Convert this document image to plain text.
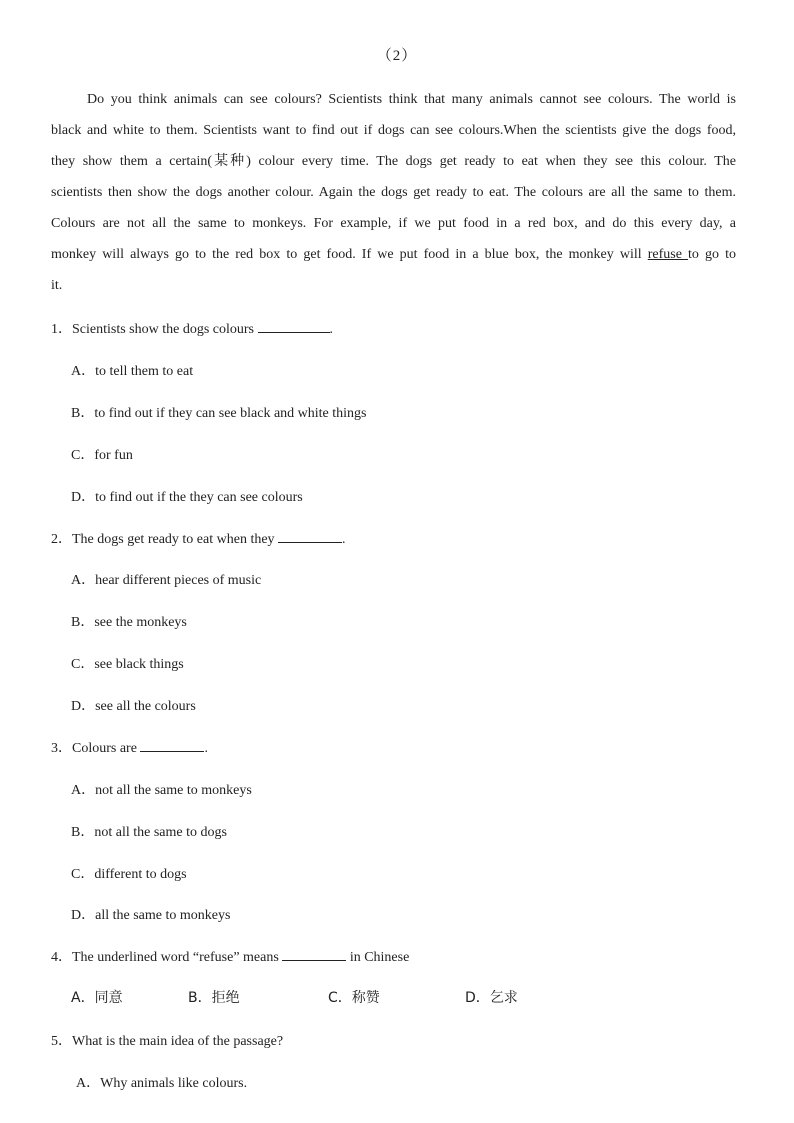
（2）

Do you think animals can see colours? Scientists think that many animals cannot see colours. The world is black and white to them. Scientists want to find out if dogs can see colours.When the scientists give the dogs food, they show them a certain(某种) colour every time. The dogs get ready to eat when they see this colour. The scientists then show the dogs another colour. Again the dogs get ready to eat. The colours are all the same to them. Colours are not all the same to monkeys. For example, if we put food in a red box, and do this every day, a monkey will always go to the red box to get food. If we put food in a blue box, the monkey will refuse to go to it.

1．Scientists show the dogs colours	.
A．to tell them to eat
B．to find out if they can see black and white things
C．for fun
D．to find out if the they can see colours
2．The dogs get ready to eat when they	.
A．hear different pieces of music
B．see the monkeys
C．see black things
D．see all the colours
3．Colours are	.
A．not all the same to monkeys
B．not all the same to dogs
C．different to dogs
D．all the same to monkeys
4．The underlined word “refuse” means	in Chinese
A．同意	B．拒绝	C．称赞	D．乞求
5．What is the main idea of the passage?
A．Why animals like colours.
